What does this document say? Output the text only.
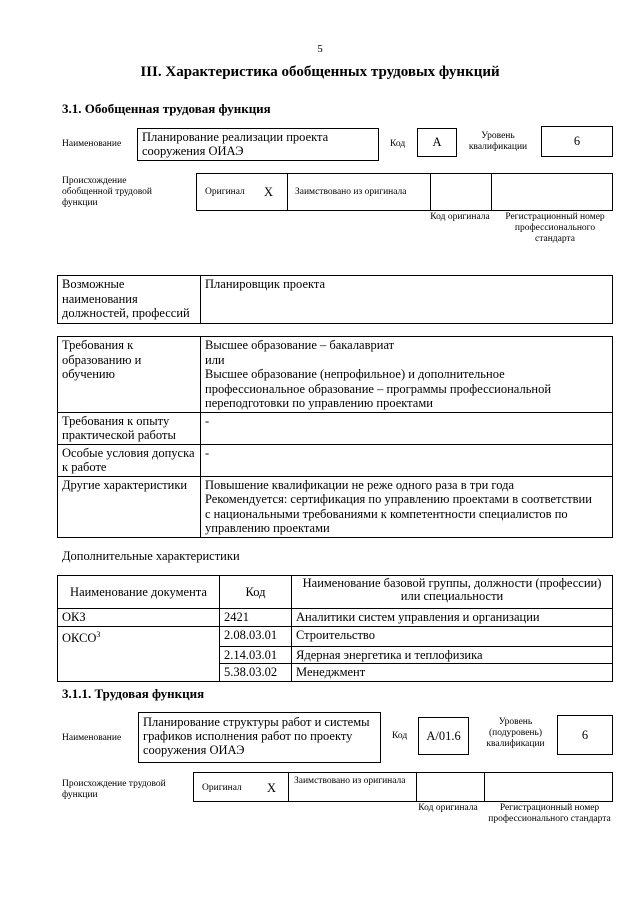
5
III. Характеристика обобщенных трудовых функций
3.1. Обобщенная трудовая функция
Наименование	Планирование реализации проекта сооружения ОИАЭ	Код	А	Уровень квалификации	6
Происхождение обобщенной трудовой функции
Оригинал X Заимствовано из оригинала
Код оригинала	Регистрационный номер профессионального стандарта
Возможные наименования должностей, профессий	Планировщик проекта
Требования к образованию и обучению	Высшее образование – бакалавриат
или
Высшее образование (непрофильное) и дополнительное
профессиональное образование – программы профессиональной
переподготовки по управлению проектами

Требования к опыту практической работы	-
Особые условия допуска к работе	-
Другие характеристики	Повышение квалификации не реже одного раза в три года
Рекомендуется: сертификация по управлению проектами в соответствии
с национальными требованиями к компетентности специалистов по
управлению проектами
Дополнительные характеристики
Наименование документа	Код	Наименование базовой группы, должности (профессии) или специальности
ОКЗ	2421	Аналитики систем управления и организации
ОКСО$^3$	2.08.03.01	Строительство
	2.14.03.01	Ядерная энергетика и теплофизика
	5.38.03.02	Менеджмент
3.1.1. Трудовая функция
Наименование
Планирование структуры работ и системы графиков исполнения работ по проекту сооружения ОИАЭ
Код	A/01.6
Уровень (подуровень) квалификации
6
Происхождение трудовой функции
Оригинал X Заимствовано из оригинала
Код оригинала	Регистрационный номер профессионального стандарта
